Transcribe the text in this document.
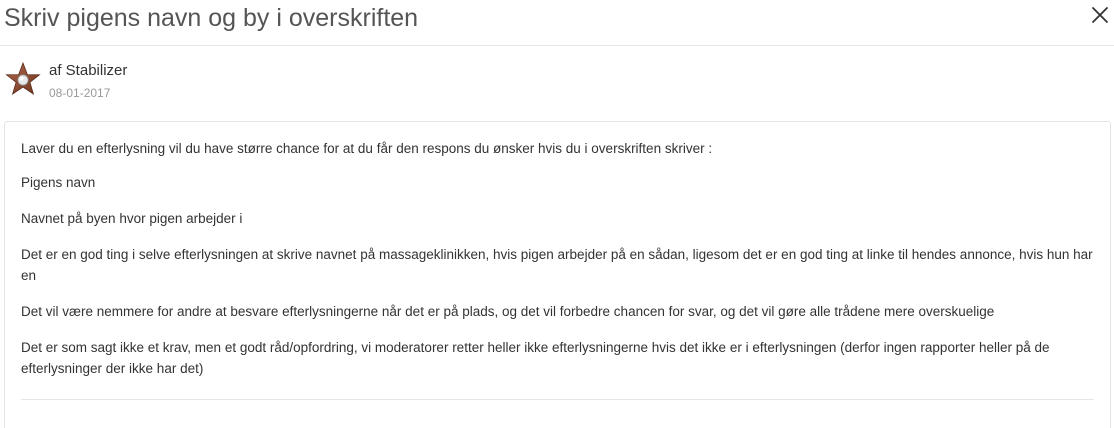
Skriv pigens navn og by i overskriften
af Stabilizer
08-01-2017

Laver du en efterlysning vil du have større chance for at du får den respons du ønsker hvis du i overskriften skriver :

Pigens navn

Navnet på byen hvor pigen arbejder i

Det er en god ting i selve efterlysningen at skrive navnet på massageklinikken, hvis pigen arbejder på en sådan, ligesom det er en god ting at linke til hendes annonce, hvis hun har en

Det vil være nemmere for andre at besvare efterlysningerne når det er på plads, og det vil forbedre chancen for svar, og det vil gøre alle trådene mere overskuelige

Det er som sagt ikke et krav, men et godt råd/opfordring, vi moderatorer retter heller ikke efterlysningerne hvis det ikke er i efterlysningen (derfor ingen rapporter heller på de efterlysninger der ikke har det)
